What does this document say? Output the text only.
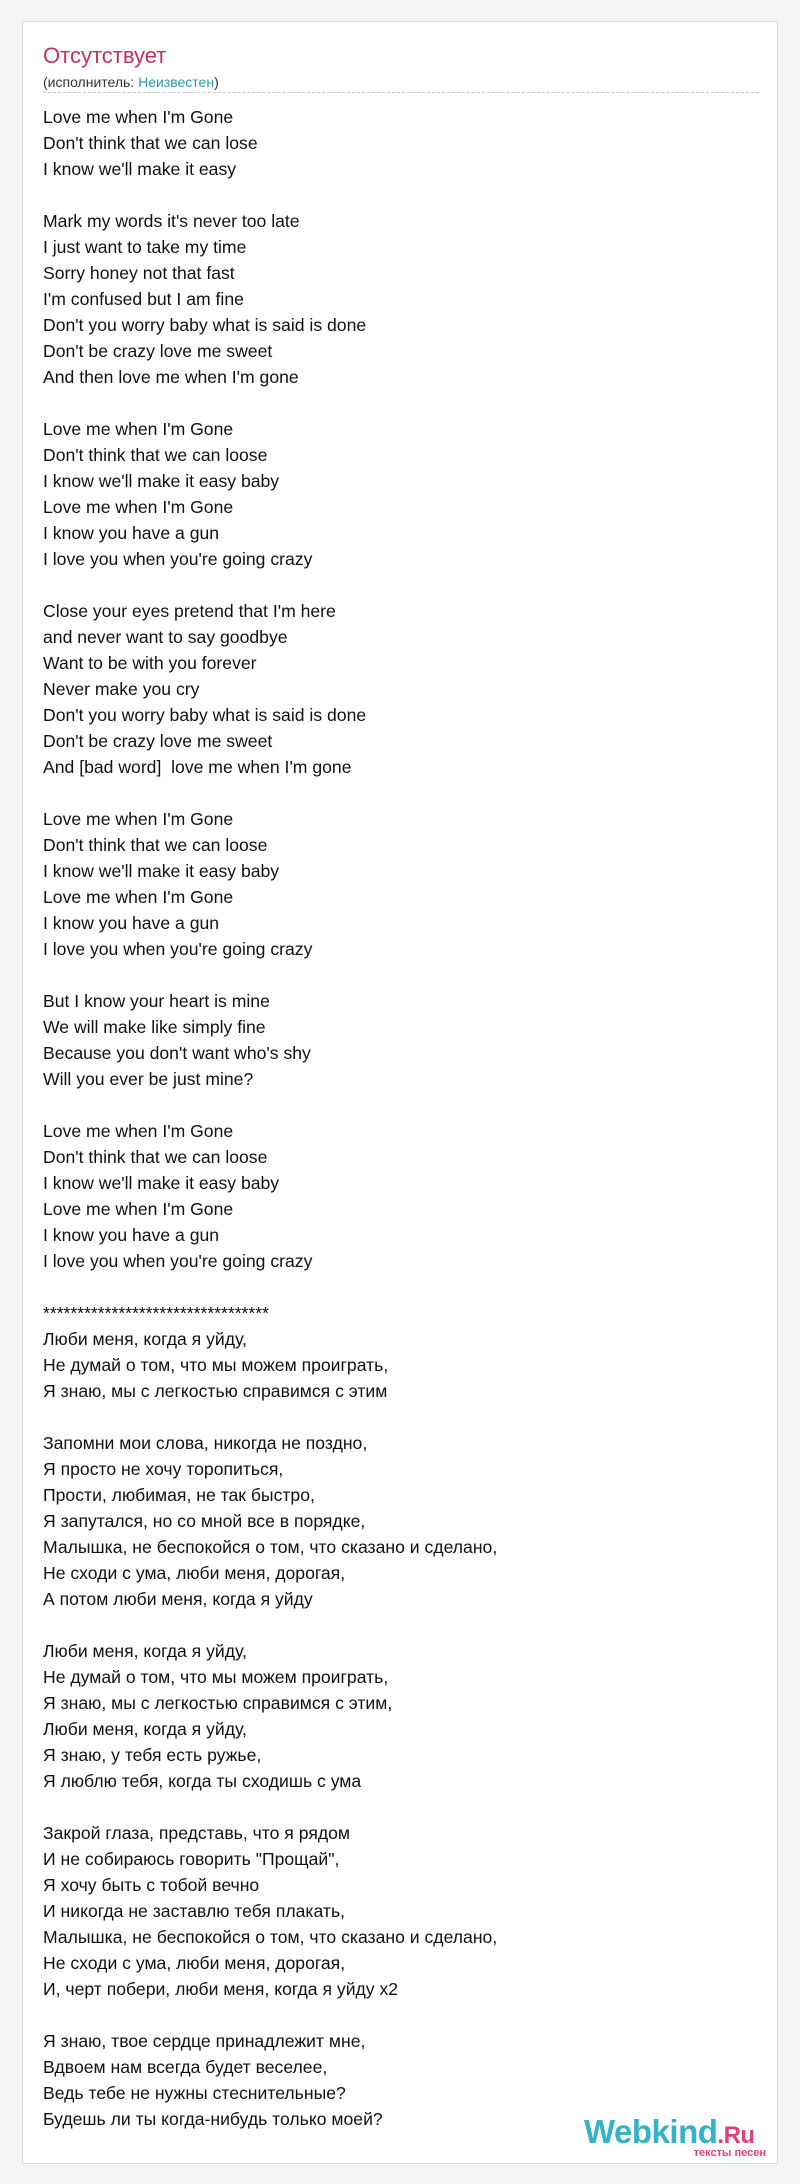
Отсутствует
(исполнитель: Неизвестен)
Love me when I'm Gone
Don't think that we can lose
I know we'll make it easy
Mark my words it's never too late
I just want to take my time
Sorry honey not that fast
I'm confused but I am fine
Don't you worry baby what is said is done
Don't be crazy love me sweet
And then love me when I'm gone
Love me when I'm Gone
Don't think that we can loose
I know we'll make it easy baby
Love me when I'm Gone
I know you have a gun
I love you when you're going crazy
Close your eyes pretend that I'm here
and never want to say goodbye
Want to be with you forever
Never make you cry
Don't you worry baby what is said is done
Don't be crazy love me sweet
And [bad word]  love me when I'm gone
Love me when I'm Gone
Don't think that we can loose
I know we'll make it easy baby
Love me when I'm Gone
I know you have a gun
I love you when you're going crazy
But I know your heart is mine
We will make like simply fine
Because you don't want who's shy
Will you ever be just mine?
Love me when I'm Gone
Don't think that we can loose
I know we'll make it easy baby
Love me when I'm Gone
I know you have a gun
I love you when you're going crazy
*********************************
Люби меня, когда я уйду,
Не думай о том, что мы можем проиграть,
Я знаю, мы с легкостью справимся с этим
Запомни мои слова, никогда не поздно,
Я просто не хочу торопиться,
Прости, любимая, не так быстро,
Я запутался, но со мной все в порядке,
Малышка, не беспокойся о том, что сказано и сделано,
Не сходи с ума, люби меня, дорогая,
А потом люби меня, когда я уйду
Люби меня, когда я уйду,
Не думай о том, что мы можем проиграть,
Я знаю, мы с легкостью справимся с этим,
Люби меня, когда я уйду,
Я знаю, у тебя есть ружье,
Я люблю тебя, когда ты сходишь с ума
Закрой глаза, представь, что я рядом
И не собираюсь говорить "Прощай",
Я хочу быть с тобой вечно
И никогда не заставлю тебя плакать,
Малышка, не беспокойся о том, что сказано и сделано,
Не сходи с ума, люби меня, дорогая,
И, черт побери, люби меня, когда я уйду x2
Я знаю, твое сердце принадлежит мне,
Вдвоем нам всегда будет веселее,
Ведь тебе не нужны стеснительные?
Будешь ли ты когда-нибудь только моей?	Webkind.Ru
тексты песен
